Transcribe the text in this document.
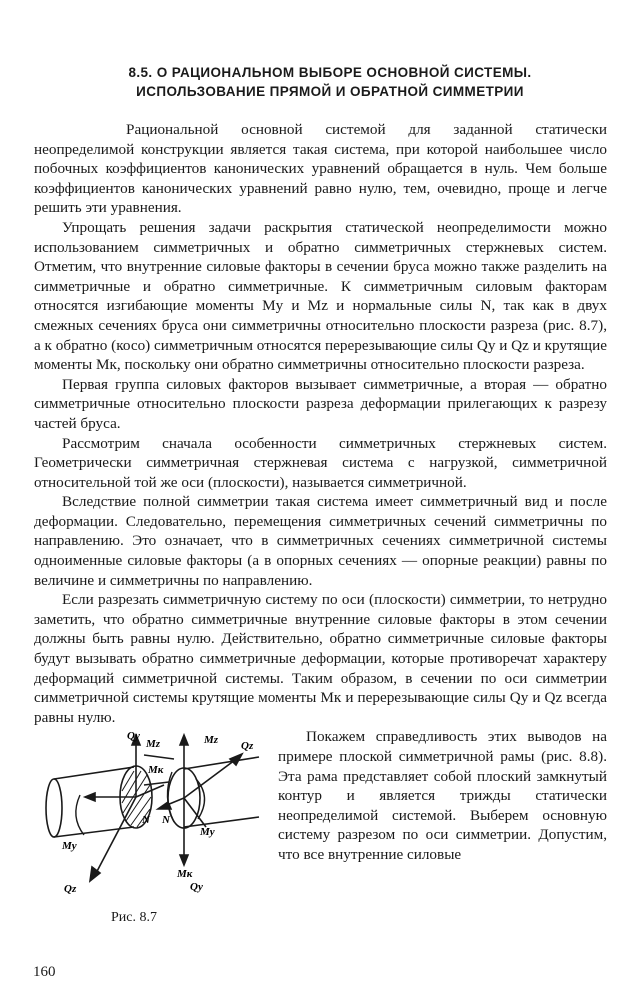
8.5. О РАЦИОНАЛЬНОМ ВЫБОРЕ ОСНОВНОЙ СИСТЕМЫ.
ИСПОЛЬЗОВАНИЕ ПРЯМОЙ И ОБРАТНОЙ СИММЕТРИИ

Рациональной основной системой для заданной статически неопределимой конструкции является такая система, при которой наибольшее число побочных коэффициентов канонических уравнений обращается в нуль. Чем больше коэффициентов канонических уравнений равно нулю, тем, очевидно, проще и легче решить эти уравнения.

Упрощать решения задачи раскрытия статической неопределимости можно использованием симметричных и обратно симметричных стержневых систем. Отметим, что внутренние силовые факторы в сечении бруса можно также разделить на симметричные и обратно симметричные. К симметричным силовым факторам относятся изгибающие моменты Mу и Mz и нормальные силы N, так как в двух смежных сечениях бруса они симметричны относительно плоскости разреза (рис. 8.7), а к обратно (косо) симметричным относятся перерезывающие силы Qу и Qz и крутящие моменты Mк, поскольку они обратно симметричны относительно плоскости разреза.

Первая группа силовых факторов вызывает симметричные, а вторая — обратно симметричные относительно плоскости разреза деформации прилегающих к разрезу частей бруса.

Рассмотрим сначала особенности симметричных стержневых систем. Геометрически симметричная стержневая система с нагрузкой, симметричной относительной той же оси (плоскости), называется симметричной.

Вследствие полной симметрии такая система имеет симметричный вид и после деформации. Следовательно, перемещения симметричных сечений симметричны по направлению. Это означает, что в симметричных сечениях симметричной системы одноименные силовые факторы (а в опорных сечениях — опорные реакции) равны по величине и симметричны по направлению.

Если разрезать симметричную систему по оси (плоскости) симметрии, то нетрудно заметить, что обратно симметричные внутренние силовые факторы в этом сечении должны быть равны нулю. Действительно, обратно симметричные силовые факторы будут вызывать обратно симметричные деформации, которые противоречат характеру деформаций симметричной системы. Таким образом, в сечении по оси симметрии симметричной системы крутящие моменты Mк и перерезывающие силы Qу и Qz всегда равны нулю.

Qy
Mz
Mк
My
Qz
N
Mz Qz
N
My
Mк
Qy
Рис. 8.7

Покажем справедливость этих выводов на примере плоской симметричной рамы (рис. 8.8). Эта рама представляет собой плоский замкнутый контур и является трижды статически неопределимой системой. Выберем основную систему разрезом по оси симметрии. Допустим, что все внутренние силовые

160
